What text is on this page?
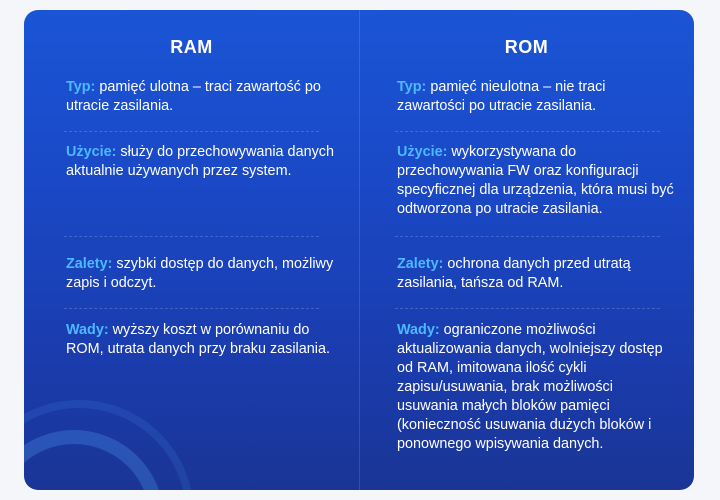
RAM
Typ: pamięć ulotna – traci zawartość po utracie zasilania.
Użycie: służy do przechowywania danych aktualnie używanych przez system.
Zalety: szybki dostęp do danych, możliwy zapis i odczyt.
Wady: wyższy koszt w porównaniu do ROM, utrata danych przy braku zasilania.
ROM
Typ: pamięć nieulotna – nie traci zawartości po utracie zasilania.
Użycie: wykorzystywana do przechowywania FW oraz konfiguracji specyficznej dla urządzenia, która musi być odtworzona po utracie zasilania.
Zalety: ochrona danych przed utratą zasilania, tańsza od RAM.
Wady: ograniczone możliwości aktualizowania danych, wolniejszy dostęp od RAM, imitowana ilość cykli zapisu/usuwania, brak możliwości usuwania małych bloków pamięci (konieczność usuwania dużych bloków i ponownego wpisywania danych.
